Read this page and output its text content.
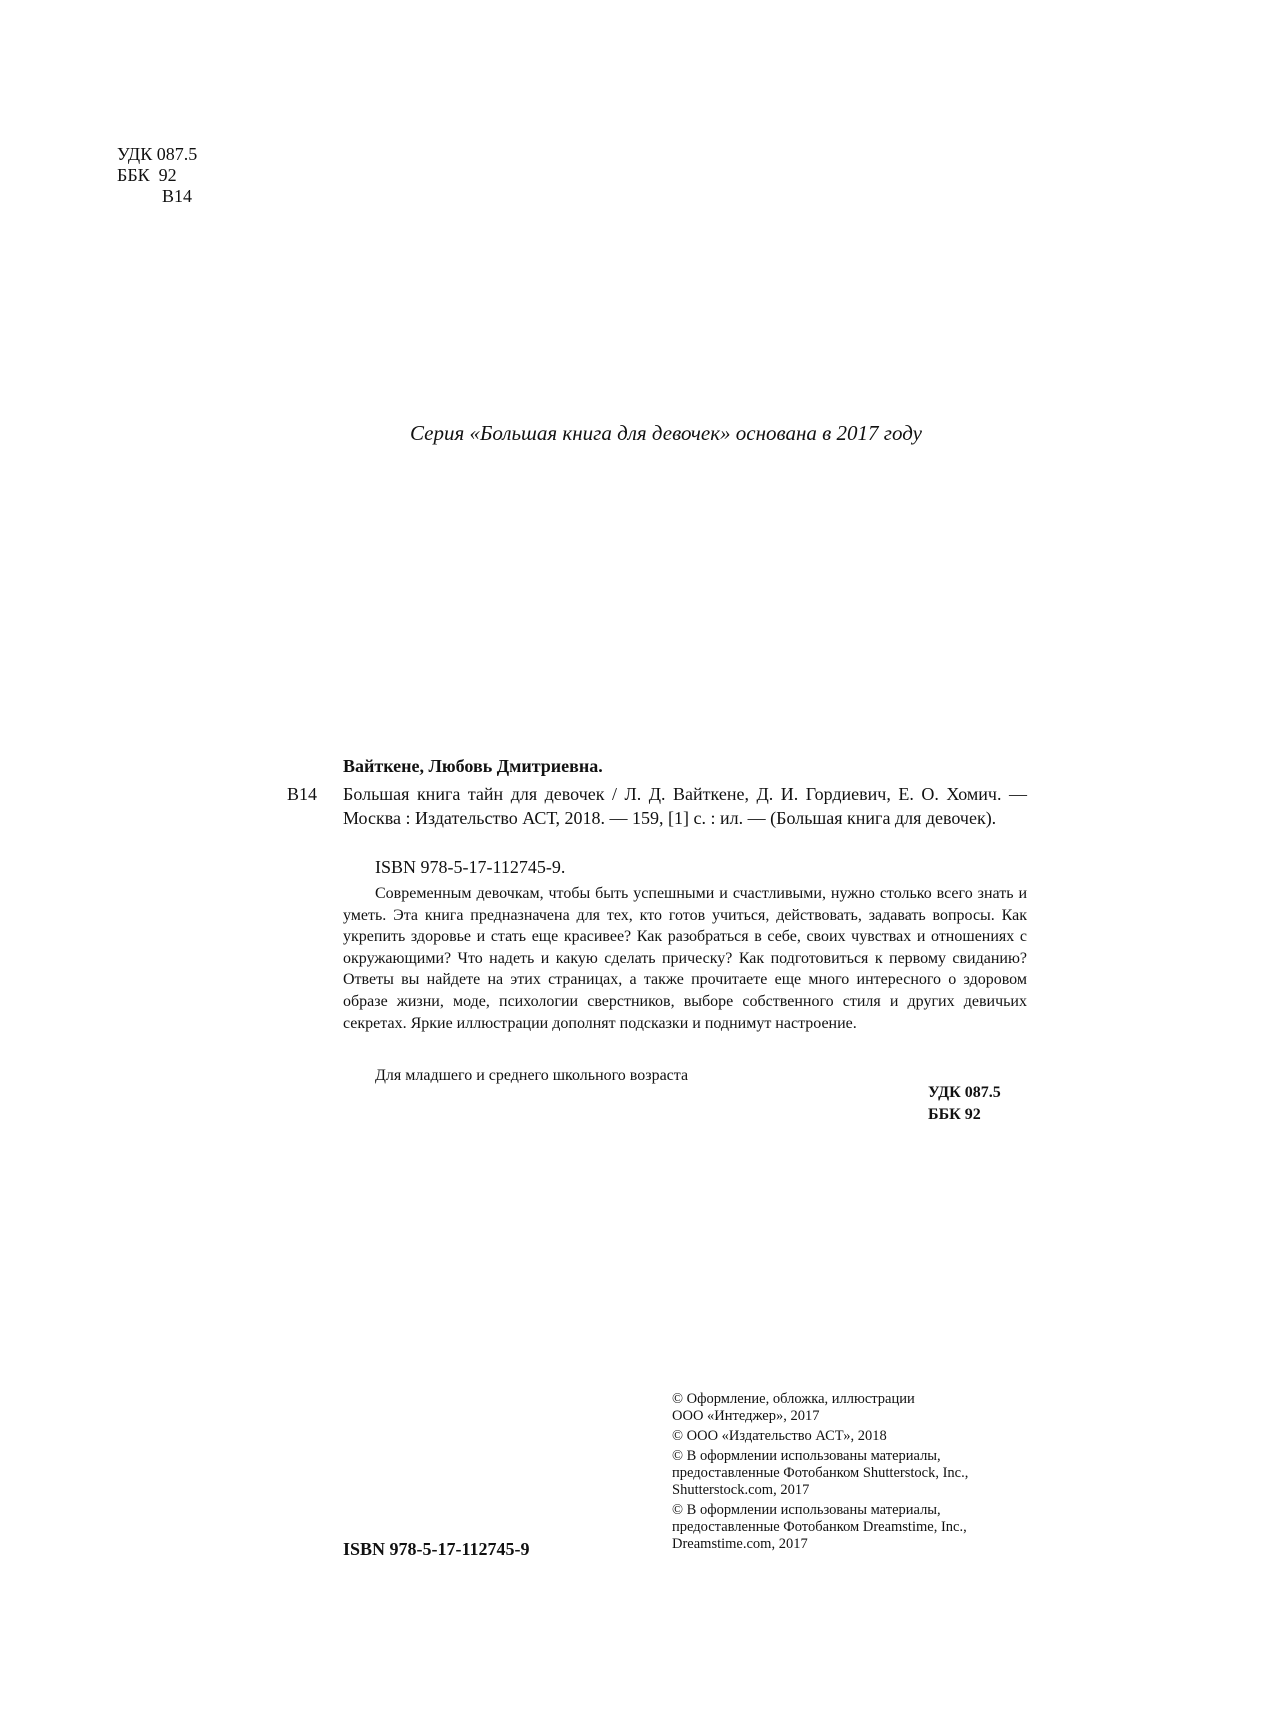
УДК 087.5
ББК  92
В14
Серия «Большая книга для девочек» основана в 2017 году
Вайткене, Любовь Дмитриевна.
В14 Большая книга тайн для девочек / Л. Д. Вайткене, Д. И. Гордиевич, Е. О. Хомич. — Москва : Издательство АСТ, 2018. — 159, [1] с. : ил. — (Большая книга для девочек).
ISBN 978-5-17-112745-9.
Современным девочкам, чтобы быть успешными и счастливыми, нужно столько всего знать и уметь. Эта книга предназначена для тех, кто готов учиться, действовать, задавать вопросы. Как укрепить здоровье и стать еще красивее? Как разобраться в себе, своих чувствах и отношениях с окружающими? Что надеть и какую сделать прическу? Как подготовиться к первому свиданию? Ответы вы найдете на этих страницах, а также прочитаете еще много интересного о здоровом образе жизни, моде, психологии сверстников, выборе собственного стиля и других девичьих секретах. Яркие иллюстрации дополнят подсказки и поднимут настроение.
Для младшего и среднего школьного возраста
УДК 087.5
ББК 92
ISBN 978-5-17-112745-9
© Оформление, обложка, иллюстрации
ООО «Интеджер», 2017
© ООО «Издательство АСТ», 2018
© В оформлении использованы материалы,
предоставленные Фотобанком Shutterstock, Inc.,
Shutterstock.com, 2017
© В оформлении использованы материалы,
предоставленные Фотобанком Dreamstime, Inc.,
Dreamstime.com, 2017
